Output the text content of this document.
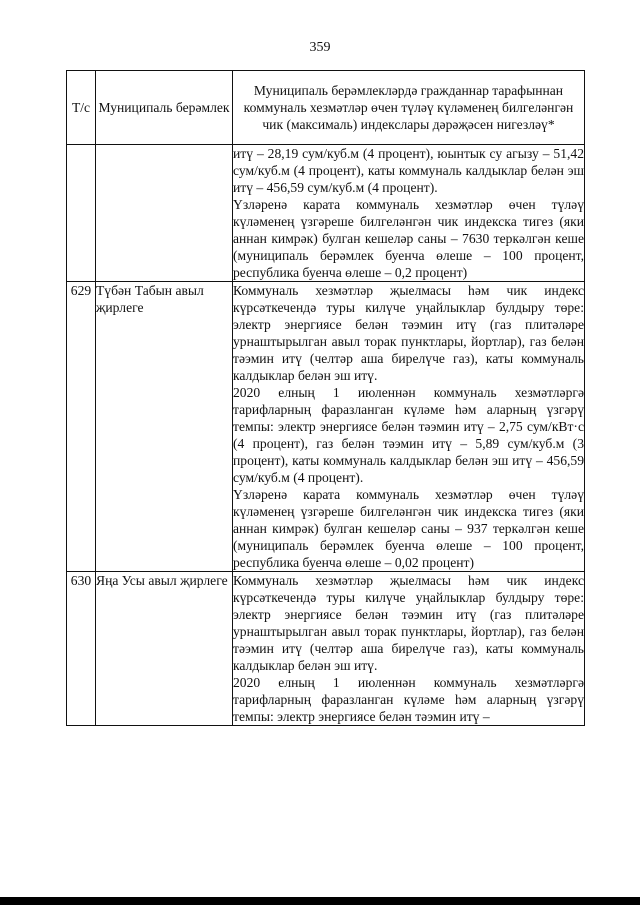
359
Т/с	Муниципаль берәмлек	Муниципаль берәмлекләрдә гражданнар тарафыннан коммуналь хезмәтләр өчен түләү күләменең билгеләнгән чик (максималь) индекслары дәрәҗәсен нигезләү*

		итү – 28,19 сум/куб.м (4 процент), юынтык су агызу – 51,42 сум/куб.м (4 процент), каты коммуналь калдыклар белән эш итү – 456,59 сум/куб.м (4 процент).

Үзләренә карата коммуналь хезмәтләр өчен түләү күләменең үзгәреше билгеләнгән чик индекска тигез (яки аннан кимрәк) булган кешеләр саны – 7630 теркәлгән кеше (муниципаль берәмлек буенча өлеше – 100 процент, республика буенча өлеше – 0,2 процент)

629	Түбән Табын авыл җирлеге	Коммуналь хезмәтләр җыелмасы һәм чик индекс күрсәткечендә туры килүче уңайлыклар булдыру төре: электр энергиясе белән тәэмин итү (газ плитәләре урнаштырылган авыл торак пунктлары, йортлар), газ белән тәэмин итү (челтәр аша бирелүче газ), каты коммуналь калдыклар белән эш итү.

2020 елның 1 июленнән коммуналь хезмәтләргә тарифларның фаразланган күләме һәм аларның үзгәрү темпы: электр энергиясе белән тәэмин итү – 2,75 сум/кВт·с (4 процент), газ белән тәэмин итү – 5,89 сум/куб.м (3 процент), каты коммуналь калдыклар белән эш итү – 456,59 сум/куб.м (4 процент).

Үзләренә карата коммуналь хезмәтләр өчен түләү күләменең үзгәреше билгеләнгән чик индекска тигез (яки аннан кимрәк) булган кешеләр саны – 937 теркәлгән кеше (муниципаль берәмлек буенча өлеше – 100 процент, республика буенча өлеше – 0,02 процент)

630	Яңа Усы авыл җирлеге	Коммуналь хезмәтләр җыелмасы һәм чик индекс күрсәткечендә туры килүче уңайлыклар булдыру төре: электр энергиясе белән тәэмин итү (газ плитәләре урнаштырылган авыл торак пунктлары, йортлар), газ белән тәэмин итү (челтәр аша бирелүче газ), каты коммуналь калдыклар белән эш итү.

2020 елның 1 июленнән коммуналь хезмәтләргә тарифларның фаразланган күләме һәм аларның үзгәрү темпы: электр энергиясе белән тәэмин итү –
